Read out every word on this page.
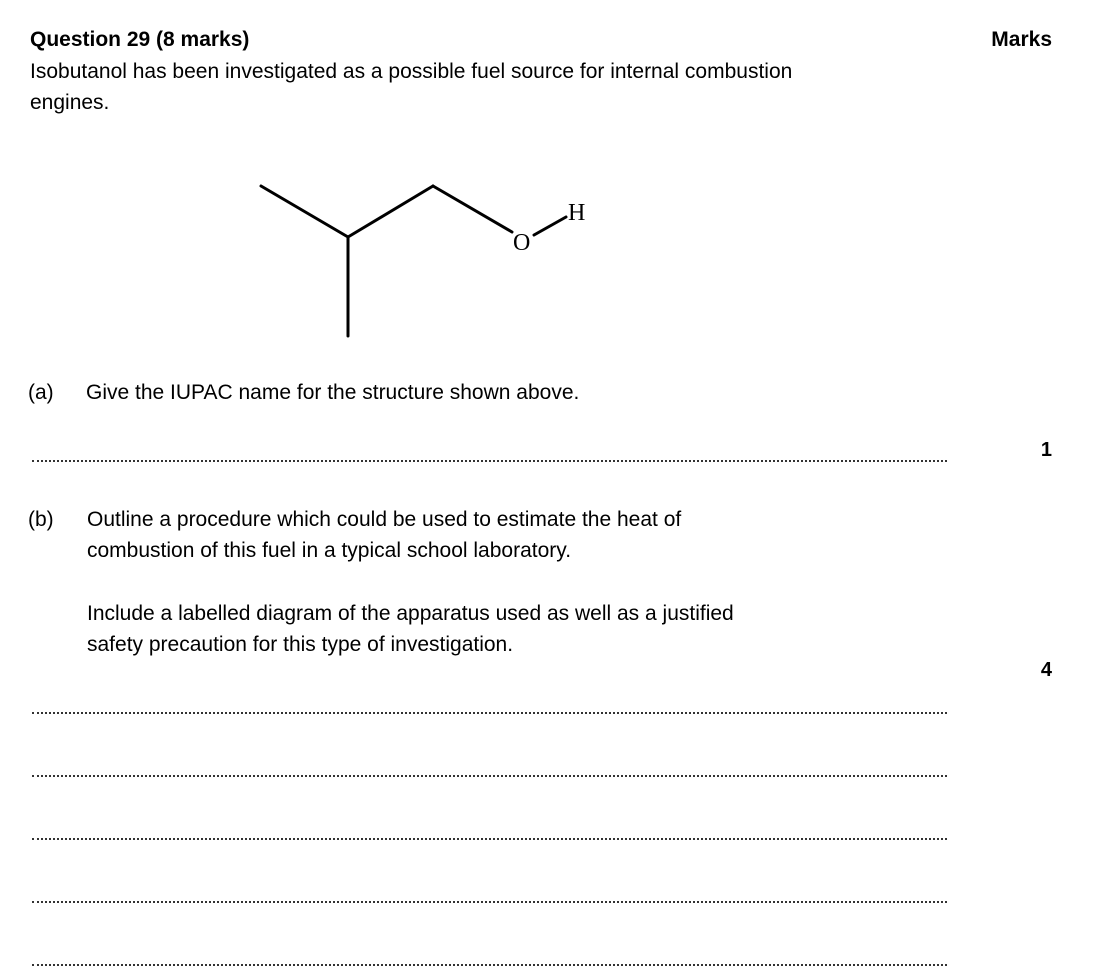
Question 29 (8 marks)	Marks
Isobutanol has been investigated as a possible fuel source for internal combustion
engines.
O
H
(a) Give the IUPAC name for the structure shown above.
1
(b) Outline a procedure which could be used to estimate the heat of
combustion of this fuel in a typical school laboratory.
Include a labelled diagram of the apparatus used as well as a justified
safety precaution for this type of investigation.
4
